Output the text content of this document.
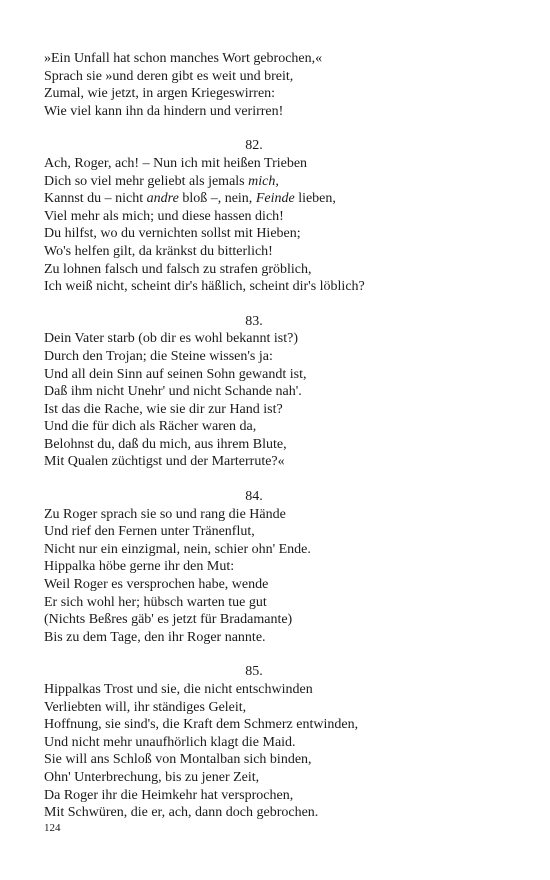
»Ein Unfall hat schon manches Wort gebrochen,«
Sprach sie »und deren gibt es weit und breit,
Zumal, wie jetzt, in argen Kriegeswirren:
Wie viel kann ihn da hindern und verirren!
82.
Ach, Roger, ach! – Nun ich mit heißen Trieben
Dich so viel mehr geliebt als jemals mich,
Kannst du – nicht andre bloß –, nein, Feinde lieben,
Viel mehr als mich; und diese hassen dich!
Du hilfst, wo du vernichten sollst mit Hieben;
Wo's helfen gilt, da kränkst du bitterlich!
Zu lohnen falsch und falsch zu strafen gröblich,
Ich weiß nicht, scheint dir's häßlich, scheint dir's löblich?
83.
Dein Vater starb (ob dir es wohl bekannt ist?)
Durch den Trojan; die Steine wissen's ja:
Und all dein Sinn auf seinen Sohn gewandt ist,
Daß ihm nicht Unehr' und nicht Schande nah'.
Ist das die Rache, wie sie dir zur Hand ist?
Und die für dich als Rächer waren da,
Belohnst du, daß du mich, aus ihrem Blute,
Mit Qualen züchtigst und der Marterrute?«
84.
Zu Roger sprach sie so und rang die Hände
Und rief den Fernen unter Tränenflut,
Nicht nur ein einzigmal, nein, schier ohn' Ende.
Hippalka höbe gerne ihr den Mut:
Weil Roger es versprochen habe, wende
Er sich wohl her; hübsch warten tue gut
(Nichts Beßres gäb' es jetzt für Bradamante)
Bis zu dem Tage, den ihr Roger nannte.
85.
Hippalkas Trost und sie, die nicht entschwinden
Verliebten will, ihr ständiges Geleit,
Hoffnung, sie sind's, die Kraft dem Schmerz entwinden,
Und nicht mehr unaufhörlich klagt die Maid.
Sie will ans Schloß von Montalban sich binden,
Ohn' Unterbrechung, bis zu jener Zeit,
Da Roger ihr die Heimkehr hat versprochen,
Mit Schwüren, die er, ach, dann doch gebrochen.
124
